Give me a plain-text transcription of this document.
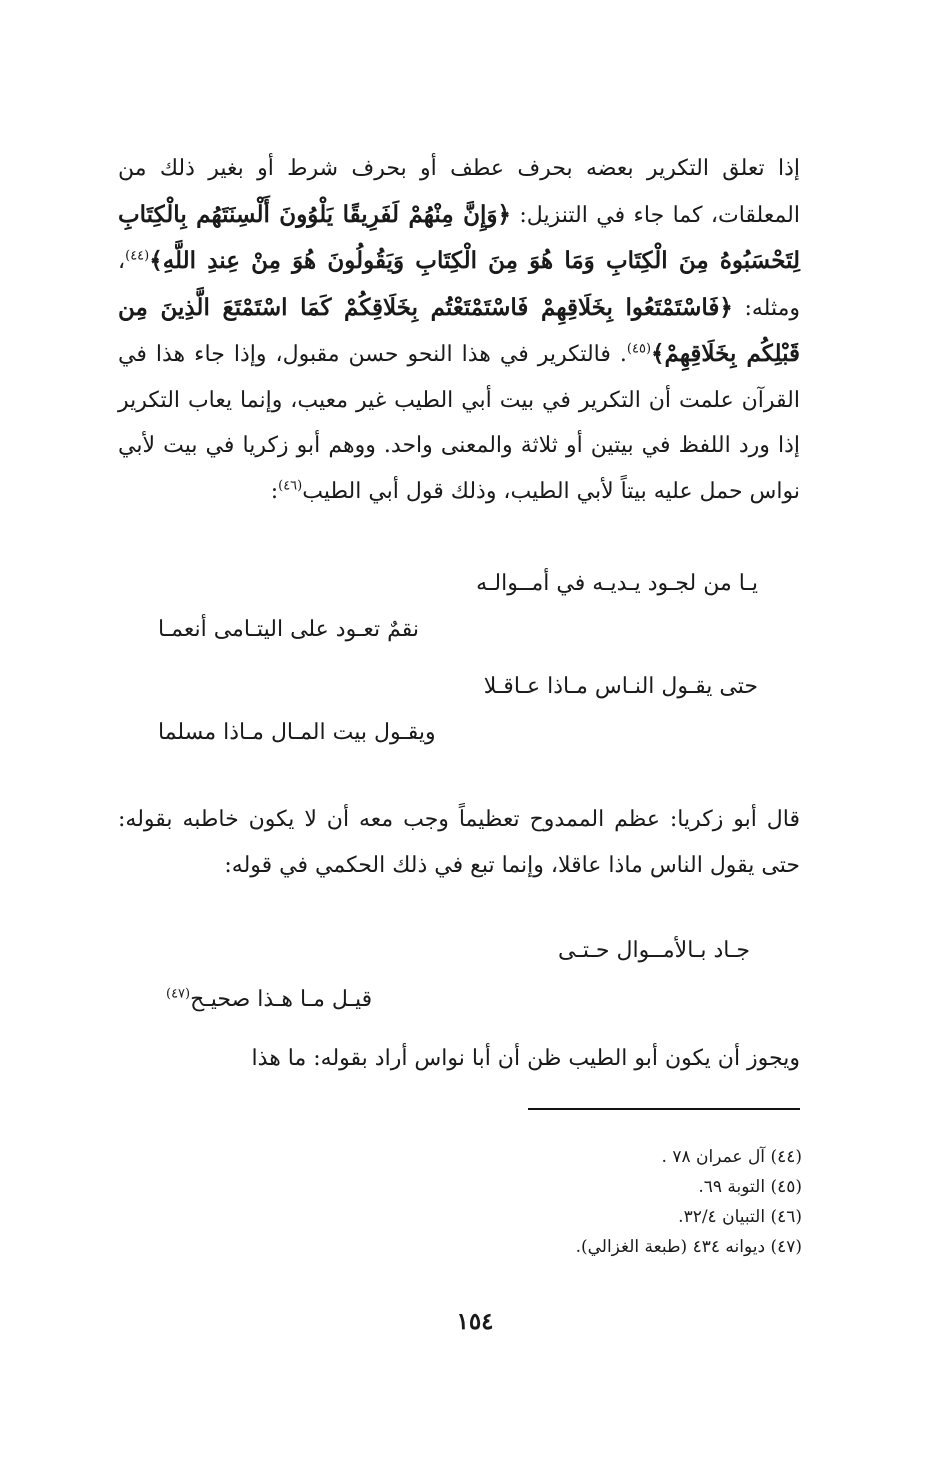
إذا تعلق التكرير بعضه بحرف عطف أو بحرف شرط أو بغير ذلك من المعلقات، كما جاء في التنزيل: ﴿وَإِنَّ مِنْهُمْ لَفَرِيقًا يَلْوُونَ أَلْسِنَتَهُم بِالْكِتَابِ لِتَحْسَبُوهُ مِنَ الْكِتَابِ وَمَا هُوَ مِنَ الْكِتَابِ وَيَقُولُونَ هُوَ مِنْ عِندِ اللَّهِ﴾$^{(٤٤)}$، ومثله: ﴿فَاسْتَمْتَعُوا بِخَلَاقِهِمْ فَاسْتَمْتَعْتُم بِخَلَاقِكُمْ كَمَا اسْتَمْتَعَ الَّذِينَ مِن قَبْلِكُم بِخَلَاقِهِمْ﴾$^{(٤٥)}$. فالتكرير في هذا النحو حسن مقبول، وإذا جاء هذا في القرآن علمت أن التكرير في بيت أبي الطيب غير معيب، وإنما يعاب التكرير إذا ورد اللفظ في بيتين أو ثلاثة والمعنى واحد. ووهم أبو زكريا في بيت لأبي نواس حمل عليه بيتاً لأبي الطيب، وذلك قول أبي الطيب$^{(٤٦)}$:
يـا من لجـود يـديـه في أمــوالـه
نقمٌ تعـود على اليتـامى أنعمـا
حتى يقـول النـاس مـاذا عـاقـلا
ويقـول بيت المـال مـاذا مسلما
قال أبو زكريا: عظم الممدوح تعظيماً وجب معه أن لا يكون خاطبه بقوله: حتى يقول الناس ماذا عاقلا، وإنما تبع في ذلك الحكمي في قوله:
جـاد بـالأمــوال حـتـى
قيـل مـا هـذا صحيـح$^{(٤٧)}$
ويجوز أن يكون أبو الطيب ظن أن أبا نواس أراد بقوله: ما هذا
(٤٤) آل عمران ٧٨ .
(٤٥) التوبة ٦٩.
(٤٦) التبيان ٣٢/٤.
(٤٧) ديوانه ٤٣٤ (طبعة الغزالي).
١٥٤
